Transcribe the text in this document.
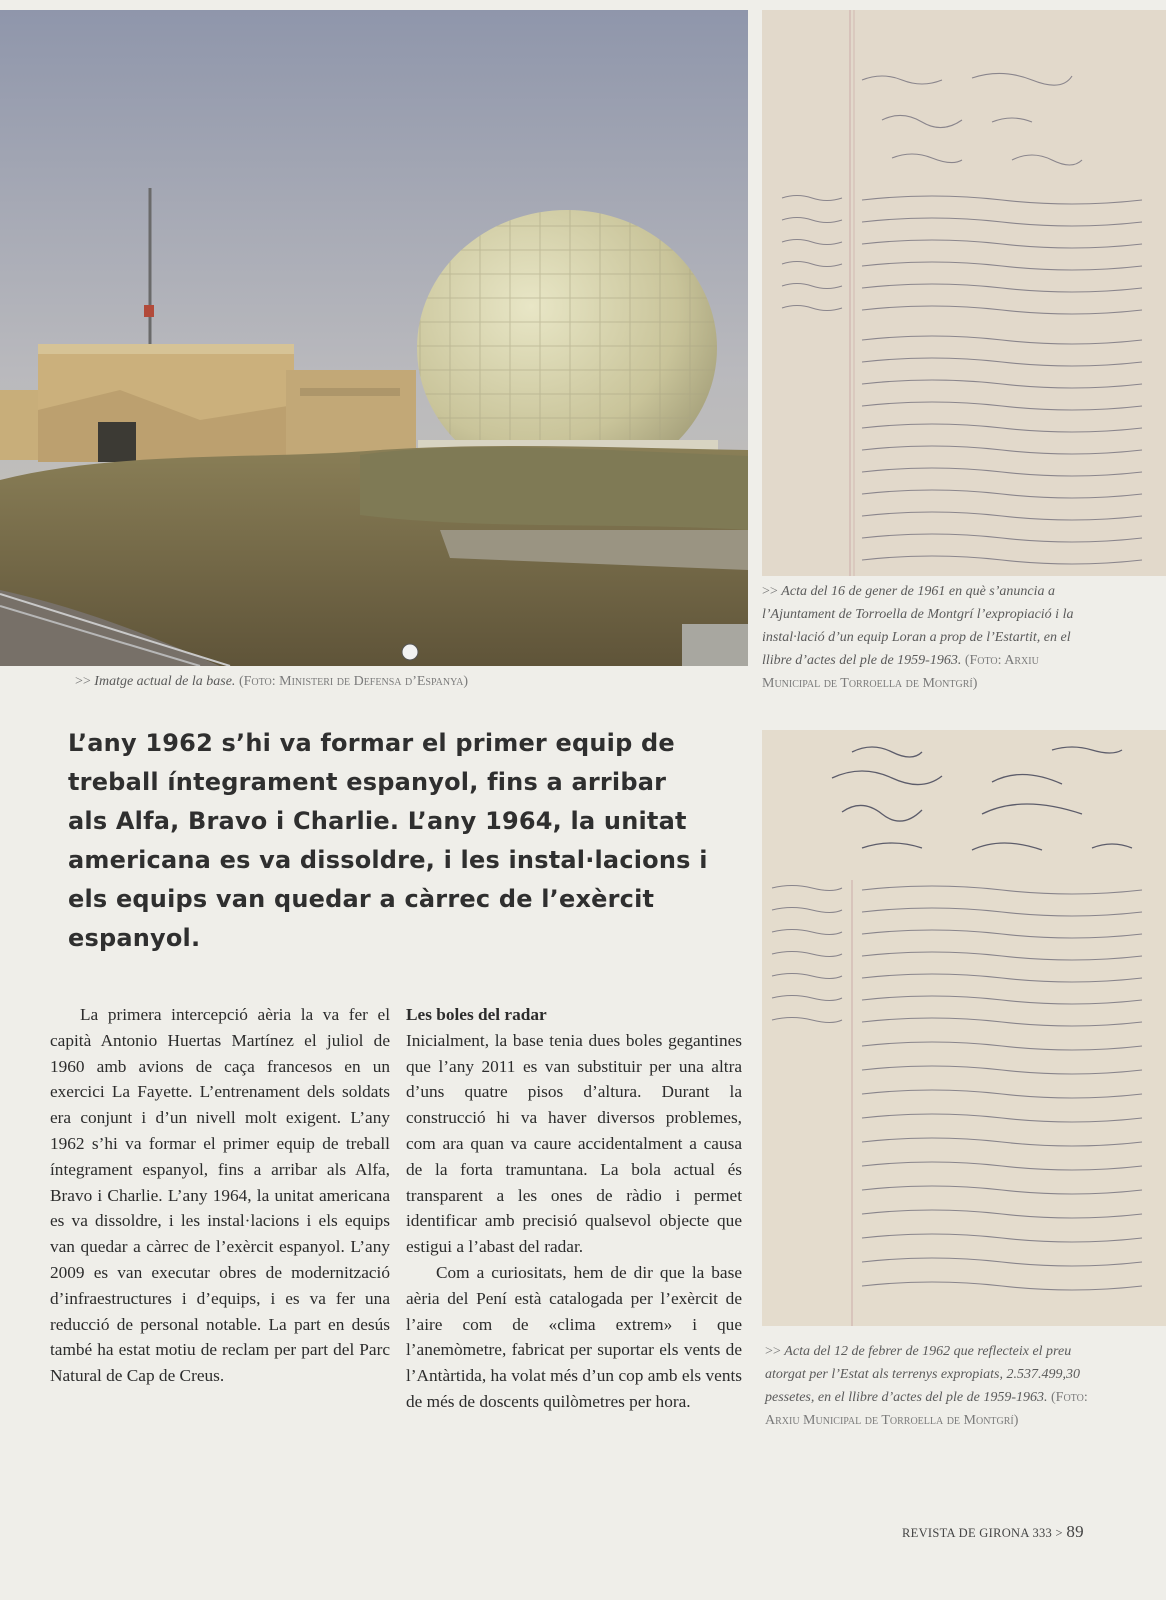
>> Imatge actual de la base. (Foto: Ministeri de Defensa d’Espanya)

L’any 1962 s’hi va formar el primer equip de treball íntegrament espanyol, fins a arribar als Alfa, Bravo i Charlie. L’any 1964, la unitat americana es va dissoldre, i les instal·lacions i els equips van quedar a càrrec de l’exèrcit espanyol.

La primera intercepció aèria la va fer el capità Antonio Huertas Martínez el juliol de 1960 amb avions de caça francesos en un exercici La Fayette. L’entrenament dels soldats era conjunt i d’un nivell molt exigent. L’any 1962 s’hi va formar el primer equip de treball íntegrament espanyol, fins a arribar als Alfa, Bravo i Charlie. L’any 1964, la unitat americana es va dissoldre, i les instal·lacions i els equips van quedar a càrrec de l’exèrcit espanyol. L’any 2009 es van executar obres de modernització d’infraestructures i d’equips, i es va fer una reducció de personal notable. La part en desús també ha estat motiu de reclam per part del Parc Natural de Cap de Creus.

Les boles del radar

Inicialment, la base tenia dues boles gegantines que l’any 2011 es van substituir per una altra d’uns quatre pisos d’altura. Durant la construcció hi va haver diversos problemes, com ara quan va caure accidentalment a causa de la forta tramuntana. La bola actual és transparent a les ones de ràdio i permet identificar amb precisió qualsevol objecte que estigui a l’abast del radar.

Com a curiositats, hem de dir que la base aèria del Pení està catalogada per l’exèrcit de l’aire com de «clima extrem» i que l’anemòmetre, fabricat per suportar els vents de l’Antàrtida, ha volat més d’un cop amb els vents de més de doscents quilòmetres per hora.

>> Acta del 16 de gener de 1961 en què s’anuncia a l’Ajuntament de Torroella de Montgrí l’expropiació i la instal·lació d’un equip Loran a prop de l’Estartit, en el llibre d’actes del ple de 1959-1963. (Foto: Arxiu Municipal de Torroella de Montgrí)
>> Acta del 12 de febrer de 1962 que reflecteix el preu atorgat per l’Estat als terrenys expropiats, 2.537.499,30 pessetes, en el llibre d’actes del ple de 1959-1963. (Foto: Arxiu Municipal de Torroella de Montgrí)
REVISTA DE GIRONA 333 > 89
